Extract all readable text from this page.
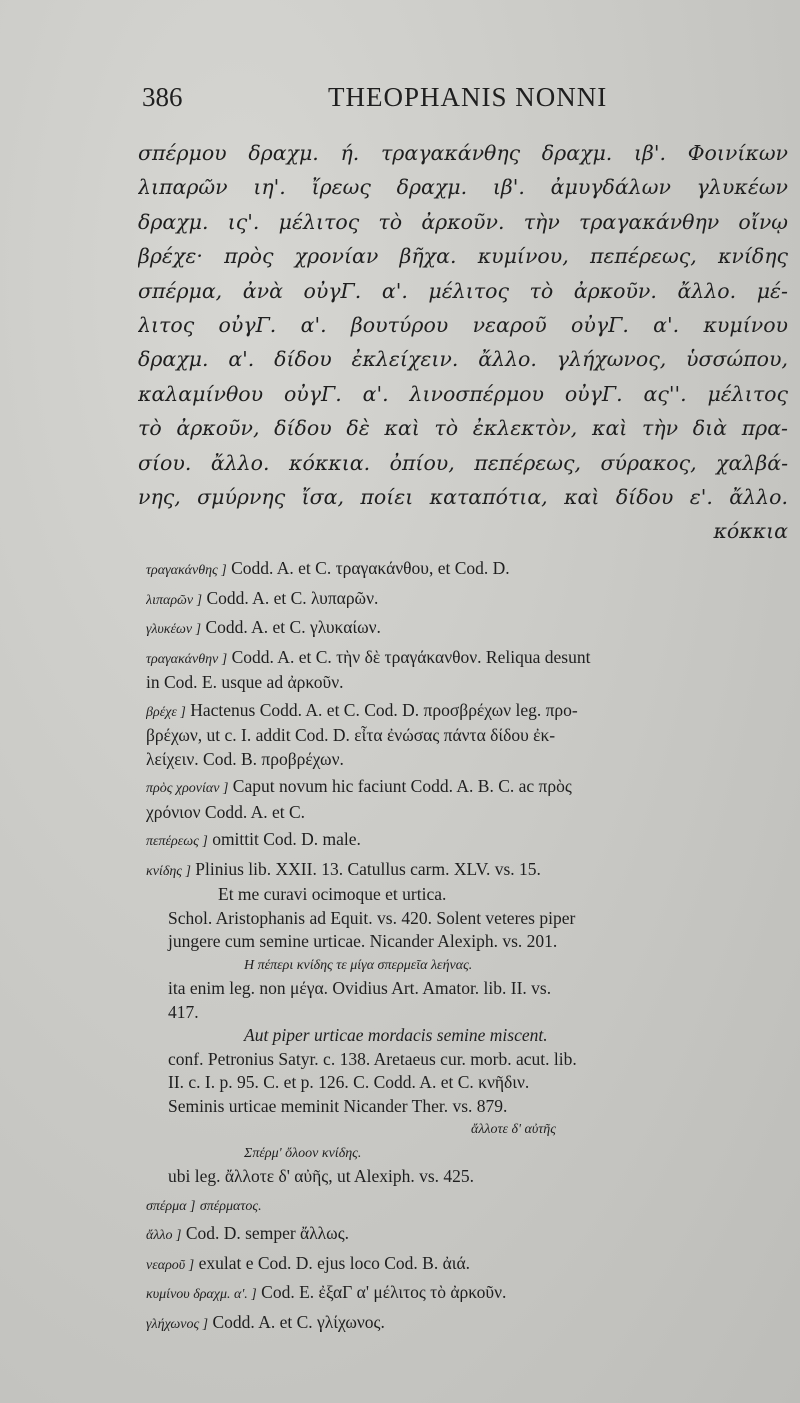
386	THEOPHANIS NONNI
σπέρμου δραχμ. ή. τραγακάνθης δραχμ. ιβ'. Φοινίκων
λιπαρῶν ιη'. ἴρεως δραχμ. ιβ'. ἀμυγδάλων γλυκέων
δραχμ. ις'. μέλιτος τὸ ἀρκοῦν. τὴν τραγακάνθην οἴνῳ
βρέχε· πρὸς χρονίαν βῆχα. κυμίνου, πεπέρεως, κνίδης
σπέρμα, ἀνὰ οὐγΓ. α'. μέλιτος τὸ ἀρκοῦν. ἄλλο. μέ-
λιτος οὐγΓ. α'. βουτύρου νεαροῦ οὐγΓ. α'. κυμίνου
δραχμ. α'. δίδου ἐκλείχειν. ἄλλο. γλήχωνος, ὑσσώπου,
καλαμίνθου οὐγΓ. α'. λινοσπέρμου οὐγΓ. ας''. μέλιτος
τὸ ἀρκοῦν, δίδου δὲ καὶ τὸ ἐκλεκτὸν, καὶ τὴν διὰ πρα-
σίου. ἄλλο. κόκκια. ὀπίου, πεπέρεως, σύρακος, χαλβά-
νης, σμύρνης ἴσα, ποίει καταπότια, καὶ δίδου ε'. ἄλλο.
κόκκια
τραγακάνθης ] Codd. A. et C. τραγακάνθου, et Cod. D.
λιπαρῶν ] Codd. A. et C. λυπαρῶν.
γλυκέων ] Codd. A. et C. γλυκαίων.
τραγακάνθην ] Codd. A. et C. τὴν δὲ τραγάκανθον. Reliqua desunt
in Cod. E. usque ad ἀρκοῦν.
βρέχε ] Hactenus Codd. A. et C. Cod. D. προσβρέχων leg. προ-
βρέχων, ut c. I. addit Cod. D. εἶτα ἐνώσας πάντα δίδου ἐκ-
λείχειν. Cod. B. προβρέχων.
πρὸς χρονίαν ] Caput novum hic faciunt Codd. A. B. C. ac πρὸς
χρόνιον Codd. A. et C.
πεπέρεως ] omittit Cod. D. male.
κνίδης ] Plinius lib. XXII. 13. Catullus carm. XLV. vs. 15.
Et me curavi ocimoque et urtica.
Schol. Aristophanis ad Equit. vs. 420. Solent veteres piper
jungere cum semine urticae. Nicander Alexiph. vs. 201.
Η πέπερι κνίδης τε μίγα σπερμεῖα λεήνας.
ita enim leg. non μέγα. Ovidius Art. Amator. lib. II. vs.
417.
Aut piper urticae mordacis semine miscent.
conf. Petronius Satyr. c. 138. Aretaeus cur. morb. acut. lib.
II. c. I. p. 95. C. et p. 126. C. Codd. A. et C. κνῆδιν.
Seminis urticae meminit Nicander Ther. vs. 879.
ἄλλοτε δ' αὐτῆς
Σπέρμ' ὄλοον κνίδης.
ubi leg. ἄλλοτε δ' αὐῆς, ut Alexiph. vs. 425.
σπέρμα ] σπέρματος.
ἄλλο ] Cod. D. semper ἄλλως.
νεαροῦ ] exulat e Cod. D. ejus loco Cod. B. ἀιά.
κυμίνου δραχμ. α'. ] Cod. E. ἐξαΓ α' μέλιτος τὸ ἀρκοῦν.
γλήχωνος ] Codd. A. et C. γλίχωνος.
